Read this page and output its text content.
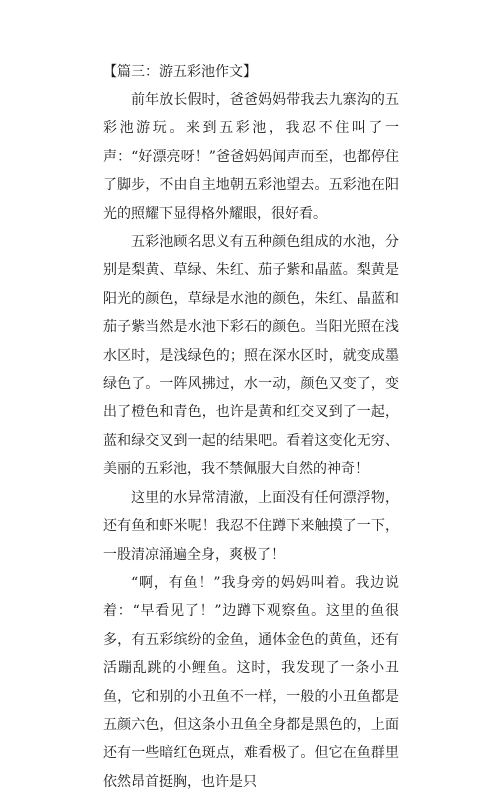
【篇三：游五彩池作文】

前年放长假时，爸爸妈妈带我去九寨沟的五彩池游玩。来到五彩池，我忍不住叫了一声：“好漂亮呀！”爸爸妈妈闻声而至，也都停住了脚步，不由自主地朝五彩池望去。五彩池在阳光的照耀下显得格外耀眼，很好看。

五彩池顾名思义有五种颜色组成的水池，分别是梨黄、草绿、朱红、茄子紫和晶蓝。梨黄是阳光的颜色，草绿是水池的颜色，朱红、晶蓝和茄子紫当然是水池下彩石的颜色。当阳光照在浅水区时，是浅绿色的；照在深水区时，就变成墨绿色了。一阵风拂过，水一动，颜色又变了，变出了橙色和青色，也许是黄和红交叉到了一起，蓝和绿交叉到一起的结果吧。看着这变化无穷、美丽的五彩池，我不禁佩服大自然的神奇！

这里的水异常清澈，上面没有任何漂浮物，还有鱼和虾米呢！我忍不住蹲下来触摸了一下，一股清凉涌遍全身，爽极了！

“啊，有鱼！”我身旁的妈妈叫着。我边说着：“早看见了！”边蹲下观察鱼。这里的鱼很多，有五彩缤纷的金鱼，通体金色的黄鱼，还有活蹦乱跳的小鲤鱼。这时，我发现了一条小丑鱼，它和别的小丑鱼不一样，一般的小丑鱼都是五颜六色，但这条小丑鱼全身都是黑色的，上面还有一些暗红色斑点，难看极了。但它在鱼群里依然昂首挺胸，也许是只
